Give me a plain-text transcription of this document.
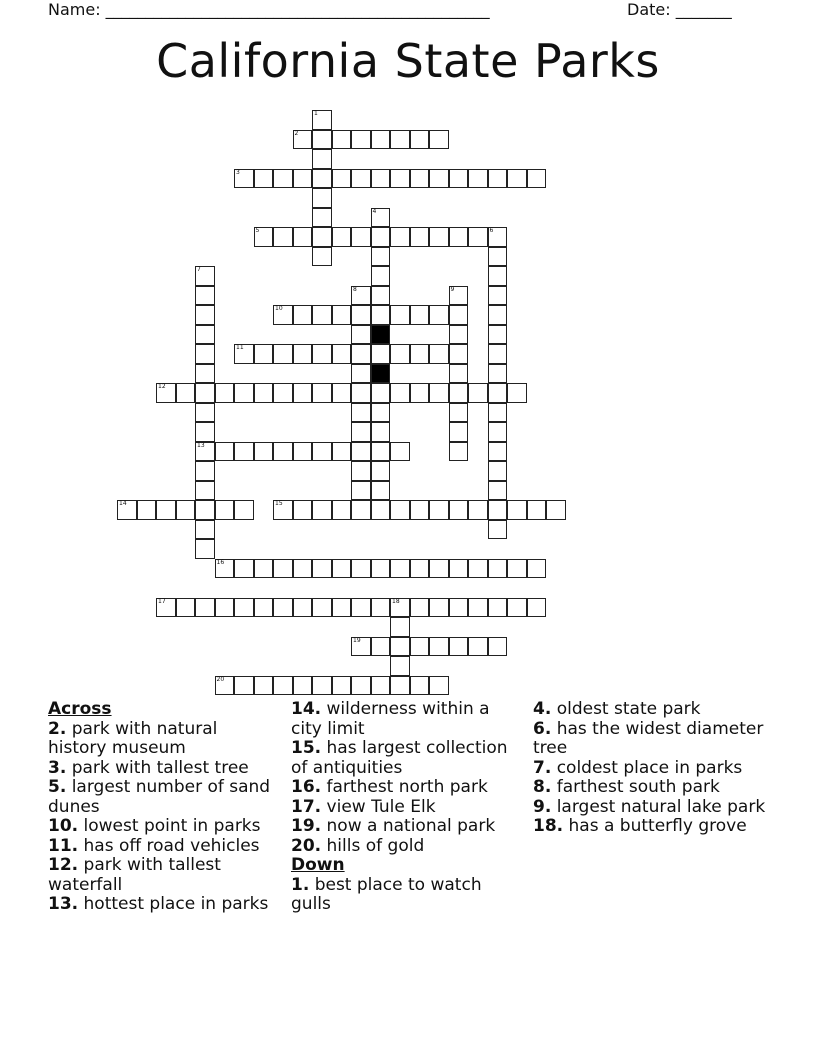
Name: ________________________________________________	Date: _______
California State Parks
1
2
3
4
5	6
7
13
8	9
10
11
12
14	15
16
17	18
19
20
Across
2. park with natural history museum
3. park with tallest tree
5. largest number of sand dunes
10. lowest point in parks
11. has off road vehicles
12. park with tallest waterfall
13. hottest place in parks
14. wilderness within a city limit
15. has largest collection of antiquities
16. farthest north park
17. view Tule Elk
19. now a national park
20. hills of gold
Down
1. best place to watch gulls
4. oldest state park
6. has the widest diameter tree
7. coldest place in parks
8. farthest south park
9. largest natural lake park
18. has a butterfly grove
